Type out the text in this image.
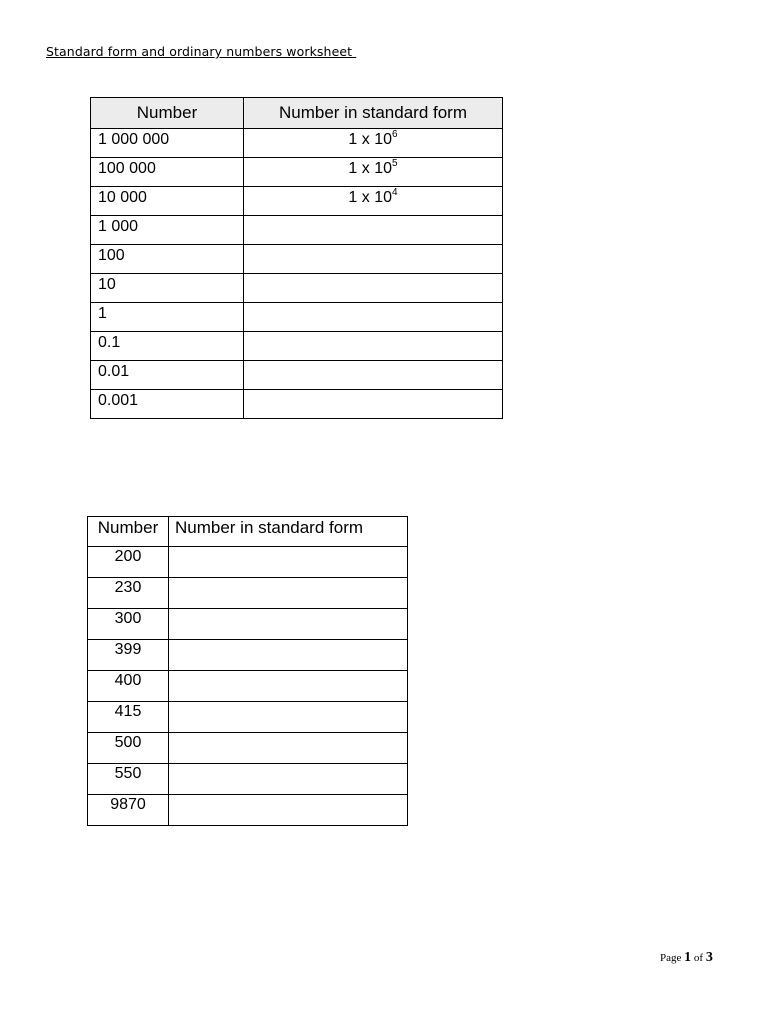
Standard form and ordinary numbers worksheet
Number	Number in standard form
1 000 000	1 x $10^6$
100 000	1 x $10^5$
10 000	1 x $10^4$
1 000	
100	
10	
1	
0.1	
0.01	
0.001	
Number	Number in standard form
200	
230	
300	
399	
400	
415	
500	
550	
9870	
Page 1 of 3
